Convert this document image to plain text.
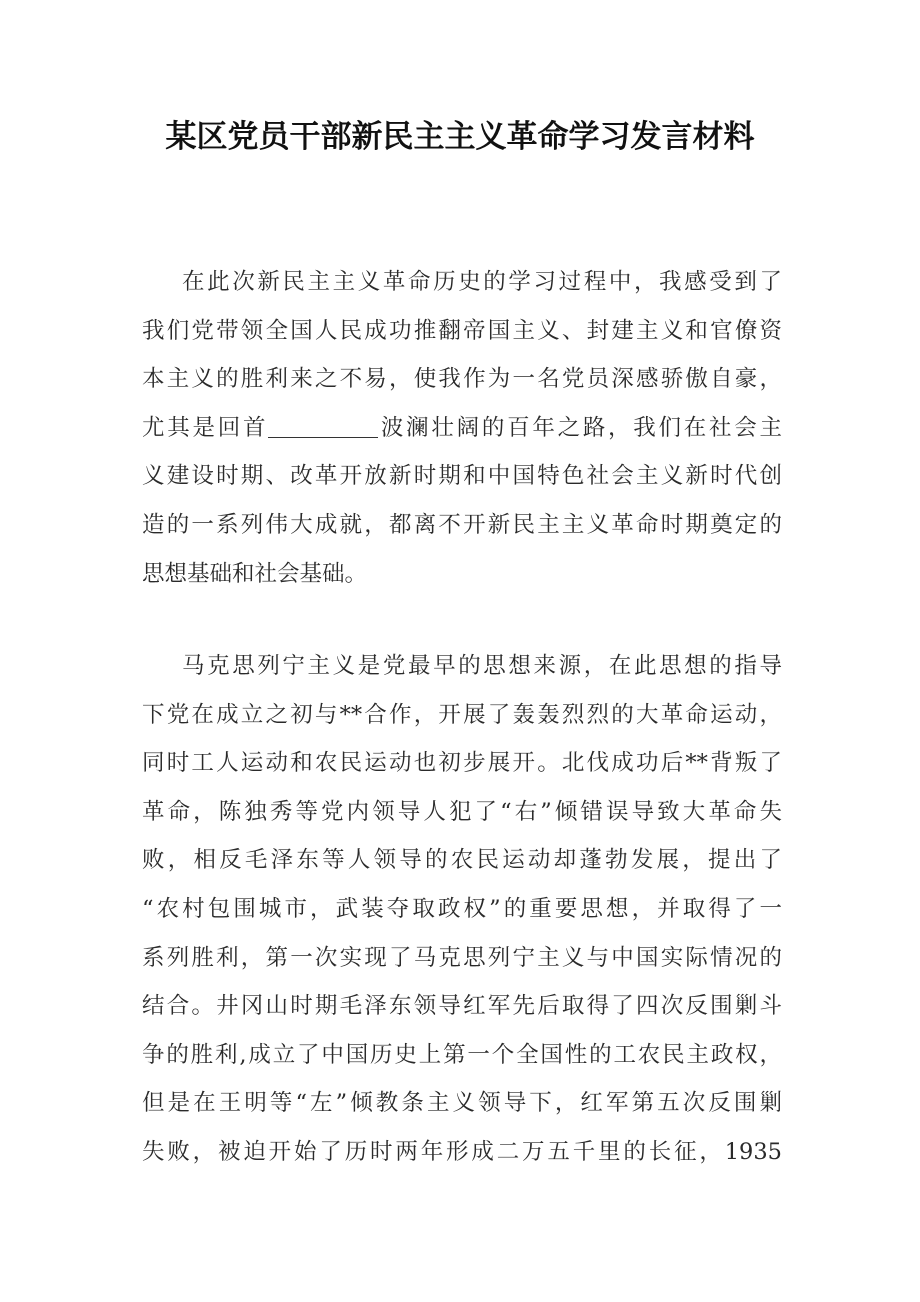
某区党员干部新民主主义革命学习发言材料
在此次新民主主义革命历史的学习过程中，我感受到了
我们党带领全国人民成功推翻帝国主义、封建主义和官僚资
本主义的胜利来之不易，使我作为一名党员深感骄傲自豪，
尤其是回首	波澜壮阔的百年之路，我们在社会主
义建设时期、改革开放新时期和中国特色社会主义新时代创
造的一系列伟大成就，都离不开新民主主义革命时期奠定的
思想基础和社会基础。
马克思列宁主义是党最早的思想来源，在此思想的指导
下党在成立之初与**合作，开展了轰轰烈烈的大革命运动，
同时工人运动和农民运动也初步展开。北伐成功后**背叛了
革命，陈独秀等党内领导人犯了“右”倾错误导致大革命失
败，相反毛泽东等人领导的农民运动却蓬勃发展，提出了
“农村包围城市，武装夺取政权”的重要思想，并取得了一
系列胜利，第一次实现了马克思列宁主义与中国实际情况的
结合。井冈山时期毛泽东领导红军先后取得了四次反围剿斗
争的胜利,成立了中国历史上第一个全国性的工农民主政权，
但是在王明等“左”倾教条主义领导下，红军第五次反围剿
失败，被迫开始了历时两年形成二万五千里的长征，1935
